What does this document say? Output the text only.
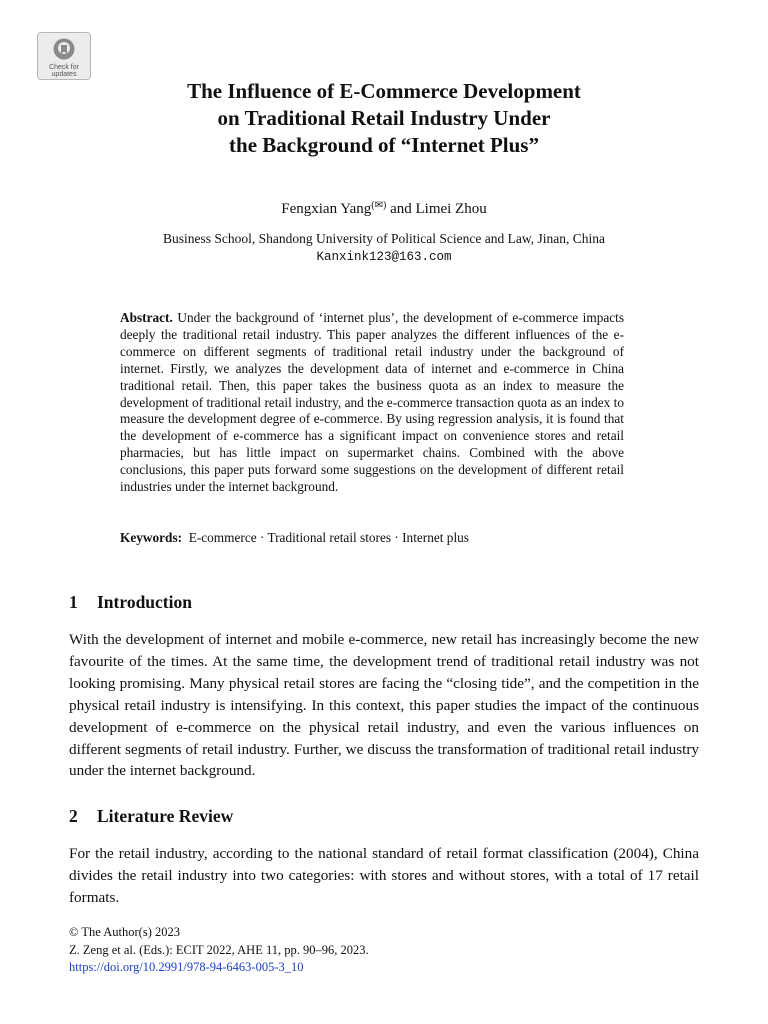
Check for
updates
The Influence of E-Commerce Development
on Traditional Retail Industry Under
the Background of “Internet Plus”
Fengxian Yang(✉) and Limei Zhou
Business School, Shandong University of Political Science and Law, Jinan, China
Kanxink123@163.com

Abstract. Under the background of ‘internet plus’, the development of e-commerce impacts deeply the traditional retail industry. This paper analyzes the different influences of the e-commerce on different segments of traditional retail industry under the background of internet. Firstly, we analyzes the development data of internet and e-commerce in China traditional retail. Then, this paper takes the business quota as an index to measure the development of traditional retail industry, and the e-commerce transaction quota as an index to measure the development degree of e-commerce. By using regression analysis, it is found that the development of e-commerce has a significant impact on convenience stores and retail pharmacies, but has little impact on supermarket chains. Combined with the above conclusions, this paper puts forward some suggestions on the development of different retail industries under the internet background.

Keywords: E-commerce · Traditional retail stores · Internet plus
1 Introduction

With the development of internet and mobile e-commerce, new retail has increasingly become the new favourite of the times. At the same time, the development trend of traditional retail industry was not looking promising. Many physical retail stores are facing the “closing tide”, and the competition in the physical retail industry is intensifying. In this context, this paper studies the impact of the continuous development of e-commerce on the physical retail industry, and even the various influences on different segments of retail industry. Further, we discuss the transformation of traditional retail industry under the internet background.

2 Literature Review

For the retail industry, according to the national standard of retail format classification (2004), China divides the retail industry into two categories: with stores and without stores, with a total of 17 retail formats.

© The Author(s) 2023
Z. Zeng et al. (Eds.): ECIT 2022, AHE 11, pp. 90–96, 2023.
https://doi.org/10.2991/978-94-6463-005-3_10
